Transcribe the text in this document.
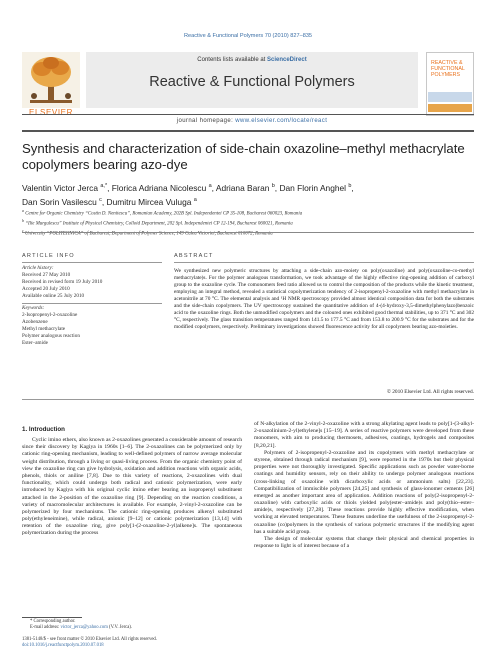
Reactive & Functional Polymers 70 (2010) 827–835
ELSEVIER
Contents lists available at ScienceDirect
Reactive & Functional Polymers
REACTIVE &
FUNCTIONAL
POLYMERS
journal homepage: www.elsevier.com/locate/react
Synthesis and characterization of side-chain oxazoline–methyl methacrylate
copolymers bearing azo-dye
Valentin Victor Jerca $^{a,*}$, Florica Adriana Nicolescu $^a$, Adriana Baran $^b$, Dan Florin Anghel $^b$,
Dan Sorin Vasilescu $^c$, Dumitru Mircea Vuluga $^a$
$^a$ Centre for Organic Chemistry “Costin D. Nenitescu”, Romanian Academy, 202B Spl. Independentei CP 35-108, Bucharest 060023, Romania
$^b$ “Ilie Murgulescu” Institute of Physical Chemistry, Colloid Department, 202 Spl. Independentei CP 12-194, Bucharest 060021, Romania
$^c$ University “POLITEHNICA” of Bucharest, Department of Polymer Science, 149 Calea Victoriei, Bucharest 010072, Romania
ARTICLE INFO	ABSTRACT
Article history:
Received 27 May 2010
Received in revised form 19 July 2010
Accepted 20 July 2010
Available online 25 July 2010
Keywords:
2-Isopropenyl-2-oxazoline
Azobenzene
Methyl methacrylate
Polymer analogous reaction
Ester–amide
We synthesized new polymeric structures by attaching a side-chain azo-moiety on poly(oxazoline) and poly(oxazoline-co-methyl methacrylate)s. For the polymer analogous transformation, we took advantage of the highly effective ring-opening addition of carboxyl group to the oxazoline cycle. The comonomers feed ratio allowed us to control the composition of the products while the kinetic treatment, employing an integral method, revealed a statistical copolymerization tendency of 2-isopropenyl-2-oxazoline with methyl methacrylate in acetonitrile at 70 °C. The elemental analysis and ¹H NMR spectroscopy provided almost identical composition data for both the substrates and the side-chain copolymers. The UV spectroscopy sustained the quantitative addition of 4-(4-hydroxy-3,5-dimethylphenylazo)benzoic acid to the oxazoline rings. Both the unmodified copolymers and the coloured ones exhibited good thermal stabilities, up to 371 °C and 302 °C, respectively. The glass transition temperatures ranged from 141.5 to 177.5 °C and from 153.8 to 200.9 °C for the substrates and for the modified copolymers, respectively. Preliminary investigations showed fluorescence activity for all copolymers bearing azo-moieties.
© 2010 Elsevier Ltd. All rights reserved.
1. Introduction

Cyclic imino ethers, also known as 2-oxazolines generated a considerable amount of research since their discovery by Kagiya in 1960s [1–6]. The 2-oxazolines can be polymerized only by cationic ring-opening mechanism, leading to well-defined polymers of narrow average molecular weight distribution, through a living or quasi-living process. From the organic chemistry point of view the oxazoline ring can give hydrolysis, oxidation and addition reactions with organic acids, phenols, thiols or aniline [7,8]. Due to this variety of reactions, 2-oxazolines with dual functionality, which could undergo both radical and cationic polymerization, were early introduced by Kagiya with his original cyclic imino ether bearing an isopropenyl substituent attached in the 2-position of the oxazoline ring [9]. Depending on the reaction conditions, a variety of macromolecular architectures is available. For example, 2-vinyl-2-oxazoline can be polymerized by four mechanisms. The cationic ring-opening produces alkenyl substituted poly(ethyleneimine), while radical, anionic [9–12] or cationic polymerization [13,14] with retention of the oxazoline ring, give poly[1-(2-oxazoline-2-yl)alkene]s. The spontaneous polymerization during the process

of N-alkylation of the 2-vinyl-2-oxazoline with a strong alkylating agent leads to poly[1-(3-alkyl-2-oxazolinium-2-yl)ethylene]s [15–19]. A series of reactive polymers were developed from these monomers, with aim to producing thermosets, adhesives, coatings, hydrogels and composites [8,20,21].

Polymers of 2-isopropenyl-2-oxazoline and its copolymers with methyl methacrylate or styrene, obtained through radical mechanism [9], were reported in the 1970s but their physical properties were not thoroughly investigated. Specific applications such as powder water-borne coatings and humidity sensors, rely on their ability to undergo polymer analogous reactions (cross-linking of oxazoline with dicarboxylic acids or ammonium salts) [22,23]. Compatibilization of immiscible polymers [24,25] and synthesis of glass-ionomer cements [26] emerged as another important area of application. Addition reactions of poly(2-isopropenyl-2-oxazoline) with carboxylic acids or thiols yielded poly(ester–amide)s and poly(thio–ester–amide)s, respectively [27,28]. These reactions provide highly effective modification, when working at elevated temperatures. These features underline the usefulness of the 2-isopropenyl-2-oxazoline (co)polymers in the synthesis of various polymeric structures if the modifying agent has a suitable acid group.

The design of molecular systems that change their physical and chemical properties in response to light is of interest because of a

* Corresponding author.
E-mail address: victor_jerca@yahoo.com (V.V. Jerca).
1381-5148/$ - see front matter © 2010 Elsevier Ltd. All rights reserved.
doi:10.1016/j.reactfunctpolym.2010.07.018
